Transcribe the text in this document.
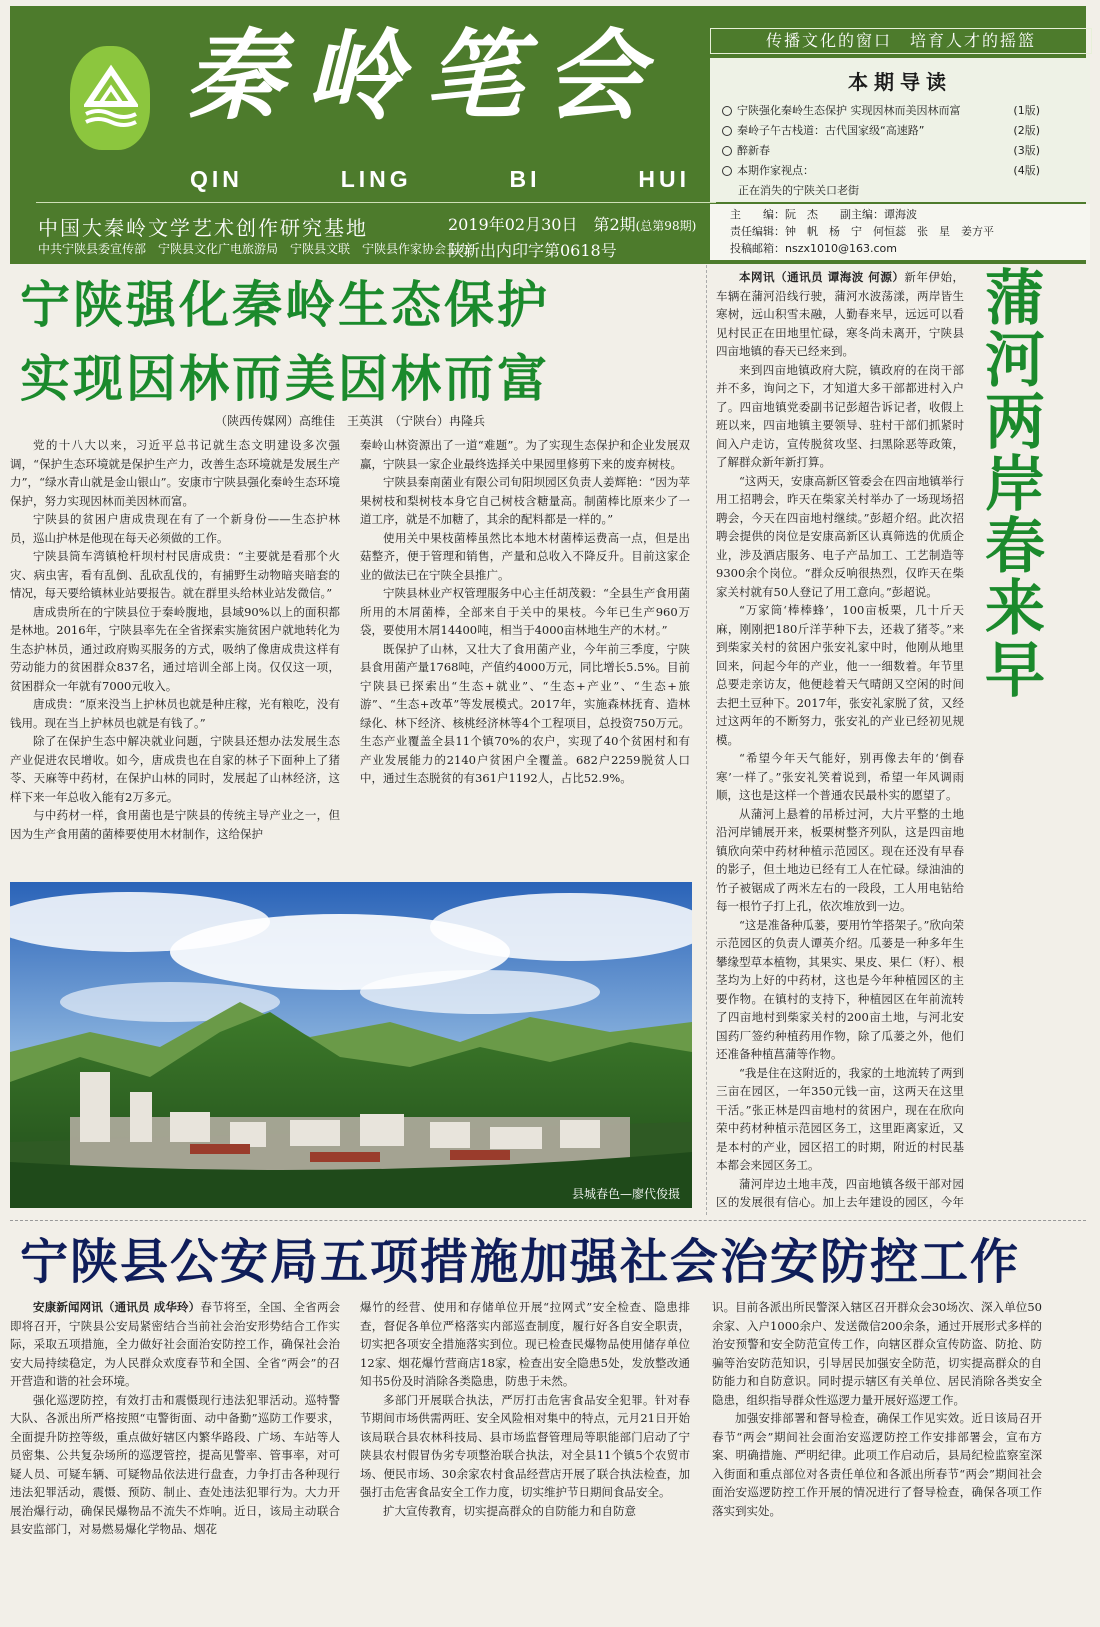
秦岭笔会
QIN	LING	BI	HUI
中国大秦岭文学艺术创作研究基地
中共宁陕县委宣传部　宁陕县文化广电旅游局　宁陕县文联　宁陕县作家协会主办
2019年02月30日　第2期(总第98期)
陕新出内印字第0618号
传播文化的窗口　培育人才的摇篮
本期导读
宁陕强化秦岭生态保护 实现因林而美因林而富	(1版)
秦岭子午古栈道：古代国家级“高速路”	(2版)
醉新春	(3版)
本期作家视点：	(4版)
正在消失的宁陕关口老街
主　　编：阮　杰　　副主编：谭海波
责任编辑：钟　帆　杨　宁　何恒蕊　张　星　姜方平
投稿邮箱：nszx1010@163.com
宁陕强化秦岭生态保护
实现因林而美因林而富
（陕西传媒网）高维佳　王英淇　（宁陕台）冉隆兵

党的十八大以来，习近平总书记就生态文明建设多次强调，“保护生态环境就是保护生产力，改善生态环境就是发展生产力”，“绿水青山就是金山银山”。安康市宁陕县强化秦岭生态环境保护，努力实现因林而美因林而富。

宁陕县的贫困户唐成贵现在有了一个新身份——生态护林员，巡山护林是他现在每天必须做的工作。

宁陕县筒车湾镇枪杆坝村村民唐成贵：“主要就是看那个火灾、病虫害，看有乱倒、乱砍乱伐的，有捕野生动物暗夹暗套的情况，每天要给镇林业站要报告。就在群里头给林业站发微信。”

唐成贵所在的宁陕县位于秦岭腹地，县域90%以上的面积都是林地。2016年，宁陕县率先在全省探索实施贫困户就地转化为生态护林员，通过政府购买服务的方式，吸纳了像唐成贵这样有劳动能力的贫困群众837名，通过培训全部上岗。仅仅这一项，贫困群众一年就有7000元收入。

唐成贵：“原来没当上护林员也就是种庄稼，光有粮吃，没有钱用。现在当上护林员也就是有钱了。”

除了在保护生态中解决就业问题，宁陕县还想办法发展生态产业促进农民增收。如今，唐成贵也在自家的林子下面种上了猪苓、天麻等中药材，在保护山林的同时，发展起了山林经济，这样下来一年总收入能有2万多元。

与中药材一样，食用菌也是宁陕县的传统主导产业之一，但因为生产食用菌的菌棒要使用木材制作，这给保护

秦岭山林资源出了一道“难题”。为了实现生态保护和企业发展双赢，宁陕县一家企业最终选择关中果园里修剪下来的废弃树枝。

宁陕县秦南菌业有限公司旬阳坝园区负责人姜辉艳：“因为苹果树枝和梨树枝本身它自己树枝含糖量高。制菌棒比原来少了一道工序，就是不加糖了，其余的配料都是一样的。”

使用关中果枝菌棒虽然比本地木材菌棒运费高一点，但是出菇整齐，便于管理和销售，产量和总收入不降反升。目前这家企业的做法已在宁陕全县推广。

宁陕县林业产权管理服务中心主任胡茂毅：“全县生产食用菌所用的木屑菌棒，全部来自于关中的果枝。今年已生产960万袋，要使用木屑14400吨，相当于4000亩林地生产的木材。”

既保护了山林，又壮大了食用菌产业，今年前三季度，宁陕县食用菌产量1768吨，产值约4000万元，同比增长5.5%。目前宁陕县已探索出“生态+就业”、“生态+产业”、“生态+旅游”、“生态+改革”等发展模式。2017年，实施森林抚育、造林绿化、林下经济、核桃经济林等4个工程项目，总投资750万元。生态产业覆盖全县11个镇70%的农户，实现了40个贫困村和有产业发展能力的2140户贫困户全覆盖。682户2259脱贫人口中，通过生态脱贫的有361户1192人，占比52.9%。

县城春色—廖代俊摄

本网讯（通讯员 谭海波 何源）新年伊始，车辆在蒲河沿线行驶，蒲河水波荡漾，两岸皆生寒树，远山积雪未融，人勤春来早，远远可以看见村民正在田地里忙碌，寒冬尚未离开，宁陕县四亩地镇的春天已经来到。

来到四亩地镇政府大院，镇政府的在岗干部并不多，询问之下，才知道大多干部都进村入户了。四亩地镇党委副书记彭超告诉记者，收假上班以来，四亩地镇主要领导、驻村干部们抓紧时间入户走访，宣传脱贫攻坚、扫黑除恶等政策，了解群众新年新打算。

“这两天，安康高新区管委会在四亩地镇举行用工招聘会，昨天在柴家关村举办了一场现场招聘会，今天在四亩地村继续。”彭超介绍。此次招聘会提供的岗位是安康高新区认真筛选的优质企业，涉及酒店服务、电子产品加工、工艺制造等9300余个岗位。“群众反响很热烈，仅昨天在柴家关村就有50人登记了用工意向。”彭超说。

“万家筒‘棒棒蜂’，100亩板栗，几十斤天麻，刚刚把180斤洋芋种下去，还栽了猪苓。”来到柴家关村的贫困户张安礼家中时，他刚从地里回来，问起今年的产业，他一一细数着。年节里总要走亲访友，他便趁着天气晴朗又空闲的时间去把土豆种下。2017年，张安礼家脱了贫，又经过这两年的不断努力，张安礼的产业已经初见规模。

“希望今年天气能好，别再像去年的‘倒春寒’一样了。”张安礼笑着说到，希望一年风调雨顺，这也是这样一个普通农民最朴实的愿望了。

从蒲河上悬着的吊桥过河，大片平整的土地沿河岸铺展开来，板栗树整齐列队，这是四亩地镇欣向荣中药材种植示范园区。现在还没有早春的影子，但土地边已经有工人在忙碌。绿油油的竹子被锯成了两米左右的一段段，工人用电钻给每一根竹子打上孔，依次堆放到一边。

“这是准备种瓜蒌，要用竹竿搭架子。”欣向荣示范园区的负责人谭英介绍。瓜蒌是一种多年生攀缘型草本植物，其果实、果皮、果仁（籽）、根茎均为上好的中药材，这也是今年种植园区的主要作物。在镇村的支持下，种植园区在年前流转了四亩地村到柴家关村的200亩土地，与河北安国药厂签约种植药用作物，除了瓜蒌之外，他们还准备种植菖蒲等作物。

“我是住在这附近的，我家的土地流转了两到三亩在园区，一年350元钱一亩，这两天在这里干活。”张正林是四亩地村的贫困户，现在在欣向荣中药材种植示范园区务工，这里距离家近，又是本村的产业，园区招工的时期，附近的村民基本都会来园区务工。

蒲河岸边土地丰茂，四亩地镇各级干部对园区的发展很有信心。加上去年建设的园区，今年

蒲河两岸春来早
宁陕县公安局五项措施加强社会治安防控工作

安康新闻网讯（通讯员 成华玲）春节将至，全国、全省两会即将召开，宁陕县公安局紧密结合当前社会治安形势结合工作实际，采取五项措施，全力做好社会面治安防控工作，确保社会治安大局持续稳定，为人民群众欢度春节和全国、全省“两会”的召开营造和谐的社会环境。

强化巡逻防控，有效打击和震慑现行违法犯罪活动。巡特警大队、各派出所严格按照“屯警街面、动中备勤”巡防工作要求，全面提升防控等级，重点做好辖区内繁华路段、广场、车站等人员密集、公共复杂场所的巡逻管控，提高见警率、管事率，对可疑人员、可疑车辆、可疑物品依法进行盘查，力争打击各种现行违法犯罪活动，震慑、预防、制止、查处违法犯罪行为。大力开展治爆行动，确保民爆物品不流失不炸响。近日，该局主动联合县安监部门，对易燃易爆化学物品、烟花

爆竹的经营、使用和存储单位开展“拉网式”安全检查、隐患排查，督促各单位严格落实内部巡查制度，履行好各自安全职责，切实把各项安全措施落实到位。现已检查民爆物品使用储存单位12家、烟花爆竹营商店18家，检查出安全隐患5处，发放整改通知书5份及时消除各类隐患，防患于未然。

多部门开展联合执法，严厉打击危害食品安全犯罪。针对春节期间市场供需两旺、安全风险相对集中的特点，元月21日开始该局联合县农林科技局、县市场监督管理局等职能部门启动了宁陕县农村假冒伪劣专项整治联合执法，对全县11个镇5个农贸市场、便民市场、30余家农村食品经营店开展了联合执法检查，加强打击危害食品安全工作力度，切实维护节日期间食品安全。

扩大宣传教育，切实提高群众的自防能力和自防意

识。目前各派出所民警深入辖区召开群众会30场次、深入单位50余家、入户1000余户、发送微信200余条，通过开展形式多样的治安预警和安全防范宣传工作，向辖区群众宣传防盗、防抢、防骗等治安防范知识，引导居民加强安全防范，切实提高群众的自防能力和自防意识。同时提示辖区有关单位、居民消除各类安全隐患，组织指导群众性巡逻力量开展好巡逻工作。

加强安排部署和督导检查，确保工作见实效。近日该局召开春节“两会”期间社会面治安巡逻防控工作安排部署会，宣布方案、明确措施、严明纪律。此项工作启动后，县局纪检监察室深入街面和重点部位对各责任单位和各派出所春节“两会”期间社会面治安巡逻防控工作开展的情况进行了督导检查，确保各项工作落实到实处。
